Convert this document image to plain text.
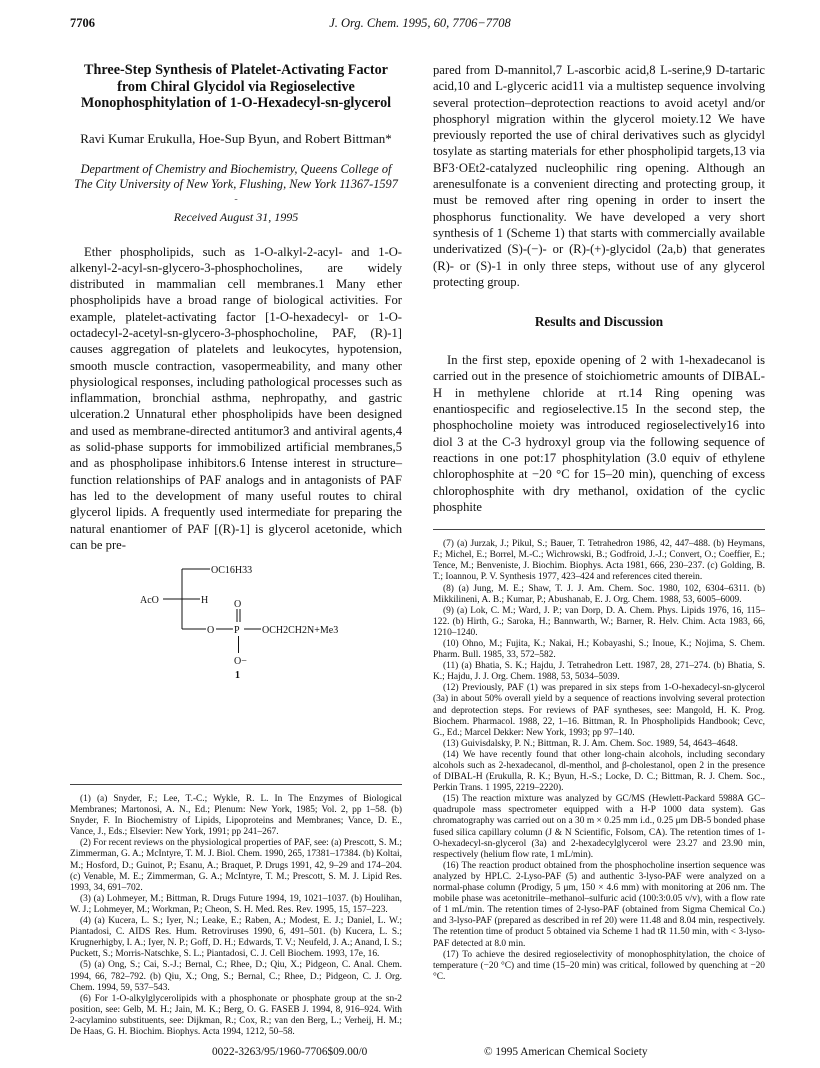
7706	J. Org. Chem. 1995, 60, 7706−7708
Three-Step Synthesis of Platelet-Activating Factor from Chiral Glycidol via Regioselective Monophosphitylation of 1-O-Hexadecyl-sn-glycerol
Ravi Kumar Erukulla, Hoe-Sup Byun, and Robert Bittman*
Department of Chemistry and Biochemistry, Queens College of The City University of New York, Flushing, New York 11367-1597
-
Received August 31, 1995

Ether phospholipids, such as 1-O-alkyl-2-acyl- and 1-O-alkenyl-2-acyl-sn-glycero-3-phosphocholines, are widely distributed in mammalian cell membranes.1 Many ether phospholipids have a broad range of biological activities. For example, platelet-activating factor [1-O-hexadecyl- or 1-O-octadecyl-2-acetyl-sn-glycero-3-phosphocholine, PAF, (R)-1] causes aggregation of platelets and leukocytes, hypotension, smooth muscle contraction, vasopermeability, and many other physiological responses, including pathological processes such as inflammation, bronchial asthma, nephropathy, and gastric ulceration.2 Unnatural ether phospholipids have been designed and used as membrane-directed antitumor3 and antiviral agents,4 as solid-phase supports for immobilized artificial membranes,5 and as phospholipase inhibitors.6 Intense interest in structure–function relationships of PAF analogs and in antagonists of PAF has led to the development of many useful routes to chiral glycerol lipids. A frequently used intermediate for preparing the natural enantiomer of PAF [(R)-1] is glycerol acetonide, which can be pre-

OC16H33
AcO	H	O
O P OCH2CH2N+Me3
O−
1

(1) (a) Snyder, F.; Lee, T.-C.; Wykle, R. L. In The Enzymes of Biological Membranes; Martonosi, A. N., Ed.; Plenum: New York, 1985; Vol. 2, pp 1–58. (b) Snyder, F. In Biochemistry of Lipids, Lipoproteins and Membranes; Vance, D. E., Vance, J., Eds.; Elsevier: New York, 1991; pp 241–267.

(2) For recent reviews on the physiological properties of PAF, see: (a) Prescott, S. M.; Zimmerman, G. A.; McIntyre, T. M. J. Biol. Chem. 1990, 265, 17381–17384. (b) Koltai, M.; Hosford, D.; Guinot, P.; Esanu, A.; Braquet, P. Drugs 1991, 42, 9–29 and 174–204. (c) Venable, M. E.; Zimmerman, G. A.; McIntyre, T. M.; Prescott, S. M. J. Lipid Res. 1993, 34, 691–702.

(3) (a) Lohmeyer, M.; Bittman, R. Drugs Future 1994, 19, 1021–1037. (b) Houlihan, W. J.; Lohmeyer, M.; Workman, P.; Cheon, S. H. Med. Res. Rev. 1995, 15, 157–223.

(4) (a) Kucera, L. S.; Iyer, N.; Leake, E.; Raben, A.; Modest, E. J.; Daniel, L. W.; Piantadosi, C. AIDS Res. Hum. Retroviruses 1990, 6, 491–501. (b) Kucera, L. S.; Krugnerhigby, I. A.; Iyer, N. P.; Goff, D. H.; Edwards, T. V.; Neufeld, J. A.; Anand, I. S.; Puckett, S.; Morris-Natschke, S. L.; Piantadosi, C. J. Cell Biochem. 1993, 17e, 16.

(5) (a) Ong, S.; Cai, S.-J.; Bernal, C.; Rhee, D.; Qiu, X.; Pidgeon, C. Anal. Chem. 1994, 66, 782–792. (b) Qiu, X.; Ong, S.; Bernal, C.; Rhee, D.; Pidgeon, C. J. Org. Chem. 1994, 59, 537–543.

(6) For 1-O-alkylglycerolipids with a phosphonate or phosphate group at the sn-2 position, see: Gelb, M. H.; Jain, M. K.; Berg, O. G. FASEB J. 1994, 8, 916–924. With 2-acylamino substituents, see: Dijkman, R.; Cox, R.; van den Berg, L.; Verheij, H. M.; De Haas, G. H. Biochim. Biophys. Acta 1994, 1212, 50–58.

pared from D-mannitol,7 L-ascorbic acid,8 L-serine,9 D-tartaric acid,10 and L-glyceric acid11 via a multistep sequence involving several protection–deprotection reactions to avoid acetyl and/or phosphoryl migration within the glycerol moiety.12 We have previously reported the use of chiral derivatives such as glycidyl tosylate as starting materials for ether phospholipid targets,13 via BF3·OEt2-catalyzed nucleophilic ring opening. Although an arenesulfonate is a convenient directing and protecting group, it must be removed after ring opening in order to insert the phosphorus functionality. We have developed a very short synthesis of 1 (Scheme 1) that starts with commercially available underivatized (S)-(−)- or (R)-(+)-glycidol (2a,b) that generates (R)- or (S)-1 in only three steps, without use of any glycerol protecting group.

Results and Discussion

In the first step, epoxide opening of 2 with 1-hexadecanol is carried out in the presence of stoichiometric amounts of DIBAL-H in methylene chloride at rt.14 Ring opening was enantiospecific and regioselective.15 In the second step, the phosphocholine moiety was introduced regioselectively16 into diol 3 at the C-3 hydroxyl group via the following sequence of reactions in one pot:17 phosphitylation (3.0 equiv of ethylene chlorophosphite at −20 °C for 15–20 min), quenching of excess chlorophosphite with dry methanol, oxidation of the cyclic phosphite

(7) (a) Jurzak, J.; Pikul, S.; Bauer, T. Tetrahedron 1986, 42, 447–488. (b) Heymans, F.; Michel, E.; Borrel, M.-C.; Wichrowski, B.; Godfroid, J.-J.; Convert, O.; Coeffier, E.; Tence, M.; Benveniste, J. Biochim. Biophys. Acta 1981, 666, 230–237. (c) Golding, B. T.; Ioannou, P. V. Synthesis 1977, 423–424 and references cited therein.

(8) (a) Jung, M. E.; Shaw, T. J. J. Am. Chem. Soc. 1980, 102, 6304–6311. (b) Mikkilineni, A. B.; Kumar, P.; Abushanab, E. J. Org. Chem. 1988, 53, 6005–6009.

(9) (a) Lok, C. M.; Ward, J. P.; van Dorp, D. A. Chem. Phys. Lipids 1976, 16, 115–122. (b) Hirth, G.; Saroka, H.; Bannwarth, W.; Barner, R. Helv. Chim. Acta 1983, 66, 1210–1240.

(10) Ohno, M.; Fujita, K.; Nakai, H.; Kobayashi, S.; Inoue, K.; Nojima, S. Chem. Pharm. Bull. 1985, 33, 572–582.

(11) (a) Bhatia, S. K.; Hajdu, J. Tetrahedron Lett. 1987, 28, 271–274. (b) Bhatia, S. K.; Hajdu, J. J. Org. Chem. 1988, 53, 5034–5039.

(12) Previously, PAF (1) was prepared in six steps from 1-O-hexadecyl-sn-glycerol (3a) in about 50% overall yield by a sequence of reactions involving several protection and deprotection steps. For reviews of PAF syntheses, see: Mangold, H. K. Prog. Biochem. Pharmacol. 1988, 22, 1–16. Bittman, R. In Phospholipids Handbook; Cevc, G., Ed.; Marcel Dekker: New York, 1993; pp 97–140.

(13) Guivisdalsky, P. N.; Bittman, R. J. Am. Chem. Soc. 1989, 54, 4643–4648.

(14) We have recently found that other long-chain alcohols, including secondary alcohols such as 2-hexadecanol, dl-menthol, and β-cholestanol, open 2 in the presence of DIBAL-H (Erukulla, R. K.; Byun, H.-S.; Locke, D. C.; Bittman, R. J. Chem. Soc., Perkin Trans. 1 1995, 2219–2220).

(15) The reaction mixture was analyzed by GC/MS (Hewlett-Packard 5988A GC–quadrupole mass spectrometer equipped with a H-P 1000 data system). Gas chromatography was carried out on a 30 m × 0.25 mm i.d., 0.25 μm DB-5 bonded phase fused silica capillary column (J & N Scientific, Folsom, CA). The retention times of 1-O-hexadecyl-sn-glycerol (3a) and 2-hexadecylglycerol were 23.27 and 23.90 min, respectively (helium flow rate, 1 mL/min).

(16) The reaction product obtained from the phosphocholine insertion sequence was analyzed by HPLC. 2-Lyso-PAF (5) and authentic 3-lyso-PAF were analyzed on a normal-phase column (Prodigy, 5 μm, 150 × 4.6 mm) with monitoring at 206 nm. The mobile phase was acetonitrile–methanol–sulfuric acid (100:3:0.05 v/v), with a flow rate of 1 mL/min. The retention times of 2-lyso-PAF (obtained from Sigma Chemical Co.) and 3-lyso-PAF (prepared as described in ref 20) were 11.48 and 8.04 min, respectively. The retention time of product 5 obtained via Scheme 1 had tR 11.50 min, with < 3-lyso-PAF detected at 8.0 min.

(17) To achieve the desired regioselectivity of monophosphitylation, the choice of temperature (−20 °C) and time (15–20 min) was critical, followed by quenching at −20 °C.

0022-3263/95/1960-7706$09.00/0	© 1995 American Chemical Society
